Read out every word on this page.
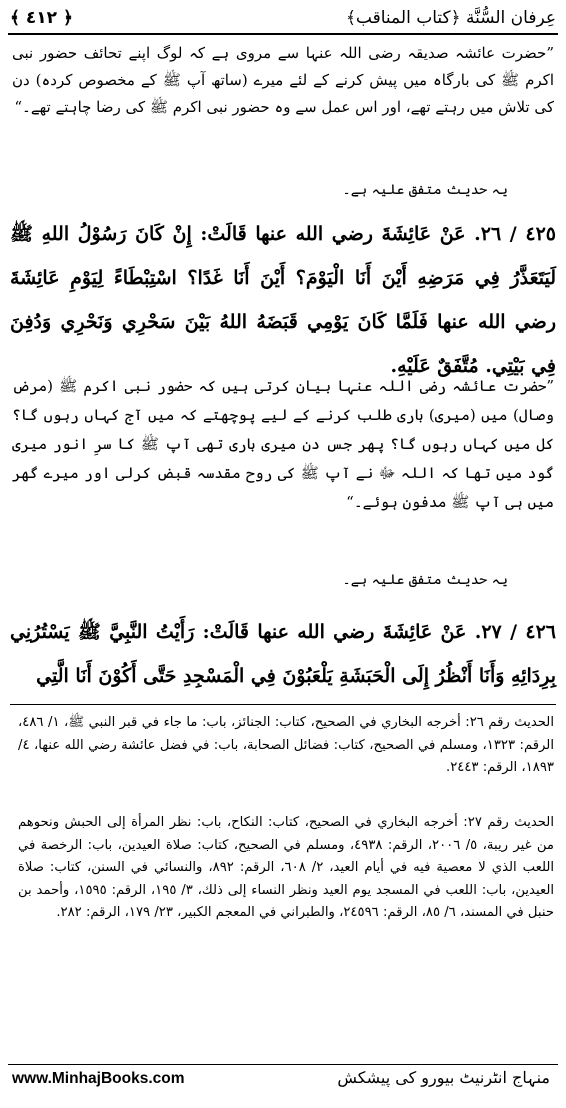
عِرفان السُّنَّة ﴿كتاب المناقب﴾
﴿ ٤١٢ ﴾
”حضرت عائشہ صدیقہ رضی اللہ عنہا سے مروی ہے کہ لوگ اپنے تحائف حضور نبی اکرم ﷺ کی بارگاہ میں پیش کرنے کے لئے میرے (ساتھ آپ ﷺ کے مخصوص کردہ) دن کی تلاش میں رہتے تھے، اور اس عمل سے وہ حضور نبی اکرم ﷺ کی رضا چاہتے تھے۔“
یہ حدیث متفق علیہ ہے۔
٤٢٥ / ٢٦. عَنْ عَائِشَةَ رضي الله عنها قَالَتْ: إِنْ كَانَ رَسُوْلُ اللهِ ﷺ لَيَتَعَذَّرُ فِي مَرَضِهِ أَيْنَ أَنَا الْيَوْمَ؟ أَيْنَ أَنَا غَدًا؟ اسْتِبْطَاءً لِيَوْمِ عَائِشَةَ رضي الله عنها فَلَمَّا كَانَ يَوْمِي قَبَضَهُ اللهُ بَيْنَ سَحْرِي وَنَحْرِي وَدُفِنَ فِي بَيْتِي. مُتَّفَقٌ عَلَيْهِ.
”حضرت عائشہ رضی اللہ عنہا بیان کرتی ہیں کہ حضور نبی اکرم ﷺ (مرض وصال) میں (میری) باری طلب کرنے کے لیے پوچھتے کہ میں آج کہاں رہوں گا؟ کل میں کہاں رہوں گا؟ پھر جس دن میری باری تھی آپ ﷺ کا سرِ انور میری گود میں تھا کہ اللہ ﷻ نے آپ ﷺ کی روح مقدسہ قبض کرلی اور میرے گھر میں ہی آپ ﷺ مدفون ہوئے۔“
یہ حدیث متفق علیہ ہے۔
٤٢٦ / ٢٧. عَنْ عَائِشَةَ رضي الله عنها قَالَتْ: رَأَيْتُ النَّبِيَّ ﷺ يَسْتُرُنِي بِرِدَائِهِ وَأَنَا أَنْظُرُ إِلَى الْحَبَشَةِ يَلْعَبُوْنَ فِي الْمَسْجِدِ حَتَّى أَكُوْنَ أَنَا الَّتِي
الحديث رقم ٢٦: أخرجه البخاري في الصحيح، كتاب: الجنائز، باب: ما جاء في قبر النبي ﷺ، ١/ ٤٨٦، الرقم: ١٣٢٣، ومسلم في الصحيح، كتاب: فضائل الصحابة، باب: في فضل عائشة رضي الله عنها، ٤/ ١٨٩٣، الرقم: ٢٤٤٣.
الحديث رقم ٢٧: أخرجه البخاري في الصحيح، كتاب: النكاح، باب: نظر المرأة إلى الحبش ونحوهم من غير ريبة، ٥/ ٢٠٠٦، الرقم: ٤٩٣٨، ومسلم في الصحيح، كتاب: صلاة العيدين، باب: الرخصة في اللعب الذي لا معصية فيه في أيام العيد، ٢/ ٦٠٨، الرقم: ٨٩٢، والنسائي في السنن، كتاب: صلاة العيدين، باب: اللعب في المسجد يوم العيد ونظر النساء إلى ذلك، ٣/ ١٩٥، الرقم: ١٥٩٥، وأحمد بن حنبل في المسند، ٦/ ٨٥، الرقم: ٢٤٥٩٦، والطبراني في المعجم الكبير، ٢٣/ ١٧٩، الرقم: ٢٨٢.
www.MinhajBooks.com	منہاج انٹرنیٹ بیورو کی پیشکش
